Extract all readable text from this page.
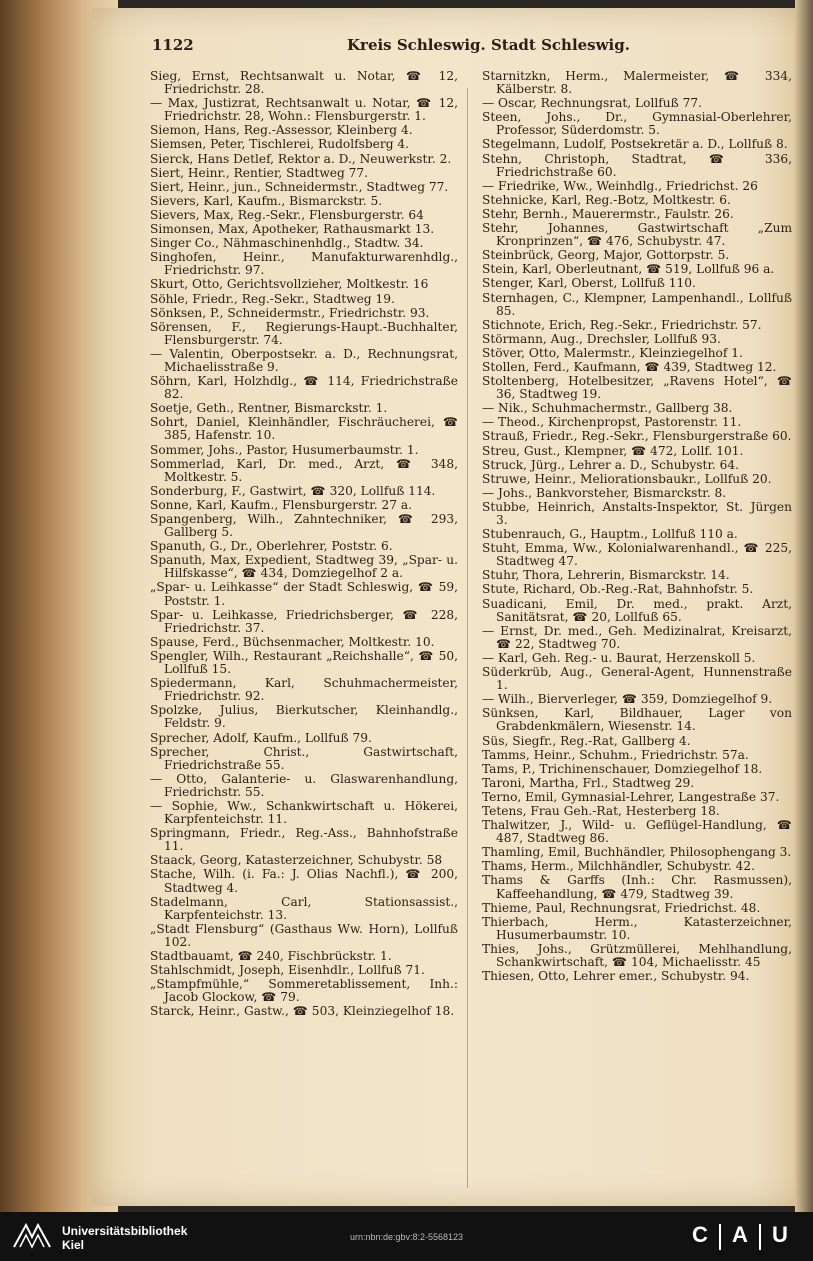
1122	Kreis Schleswig. Stadt Schleswig.
Sieg, Ernst, Rechtsanwalt u. Notar, ☎ 12, Friedrichstr. 28.
— Max, Justizrat, Rechtsanwalt u. Notar, ☎ 12, Friedrichstr. 28, Wohn.: Flensburgerstr. 1.
Siemon, Hans, Reg.-Assessor, Kleinberg 4.
Siemsen, Peter, Tischlerei, Rudolfsberg 4.
Sierck, Hans Detlef, Rektor a. D., Neuwerkstr. 2.
Siert, Heinr., Rentier, Stadtweg 77.
Siert, Heinr., jun., Schneidermstr., Stadtweg 77.
Sievers, Karl, Kaufm., Bismarckstr. 5.
Sievers, Max, Reg.-Sekr., Flensburgerstr. 64
Simonsen, Max, Apotheker, Rathausmarkt 13.
Singer Co., Nähmaschinenhdlg., Stadtw. 34.
Singhofen, Heinr., Manufakturwarenhdlg., Friedrichstr. 97.
Skurt, Otto, Gerichtsvollzieher, Moltkestr. 16
Söhle, Friedr., Reg.-Sekr., Stadtweg 19.
Sönksen, P., Schneidermstr., Friedrichstr. 93.
Sörensen, F., Regierungs-Haupt.-Buchhalter, Flensburgerstr. 74.
— Valentin, Oberpostsekr. a. D., Rechnungsrat, Michaelisstraße 9.
Söhrn, Karl, Holzhdlg., ☎ 114, Friedrichstraße 82.
Soetje, Geth., Rentner, Bismarckstr. 1.
Sohrt, Daniel, Kleinhändler, Fischräucherei, ☎ 385, Hafenstr. 10.
Sommer, Johs., Pastor, Husumerbaumstr. 1.
Sommerlad, Karl, Dr. med., Arzt, ☎ 348, Moltkestr. 5.
Sonderburg, F., Gastwirt, ☎ 320, Lollfuß 114.
Sonne, Karl, Kaufm., Flensburgerstr. 27 a.
Spangenberg, Wilh., Zahntechniker, ☎ 293, Gallberg 5.
Spanuth, G., Dr., Oberlehrer, Poststr. 6.
Spanuth, Max, Expedient, Stadtweg 39, „Spar- u. Hilfskasse“, ☎ 434, Domziegelhof 2 a.
„Spar- u. Leihkasse“ der Stadt Schleswig, ☎ 59, Poststr. 1.
Spar- u. Leihkasse, Friedrichsberger, ☎ 228, Friedrichstr. 37.
Spause, Ferd., Büchsenmacher, Moltkestr. 10.
Spengler, Wilh., Restaurant „Reichshalle“, ☎ 50, Lollfuß 15.
Spiedermann, Karl, Schuhmachermeister, Friedrichstr. 92.
Spolzke, Julius, Bierkutscher, Kleinhandlg., Feldstr. 9.
Sprecher, Adolf, Kaufm., Lollfuß 79.
Sprecher, Christ., Gastwirtschaft, Friedrichstraße 55.
— Otto, Galanterie- u. Glaswarenhandlung, Friedrichstr. 55.
— Sophie, Ww., Schankwirtschaft u. Hökerei, Karpfenteichstr. 11.
Springmann, Friedr., Reg.-Ass., Bahnhofstraße 11.
Staack, Georg, Katasterzeichner, Schubystr. 58
Stache, Wilh. (i. Fa.: J. Olias Nachfl.), ☎ 200, Stadtweg 4.
Stadelmann, Carl, Stationsassist., Karpfenteichstr. 13.
„Stadt Flensburg“ (Gasthaus Ww. Horn), Lollfuß 102.
Stadtbauamt, ☎ 240, Fischbrückstr. 1.
Stahlschmidt, Joseph, Eisenhdlr., Lollfuß 71.
„Stampfmühle,“ Sommeretablissement, Inh.: Jacob Glockow, ☎ 79.
Starck, Heinr., Gastw., ☎ 503, Kleinziegelhof 18.
Starnitzkn, Herm., Malermeister, ☎ 334, Kälberstr. 8.
— Oscar, Rechnungsrat, Lollfuß 77.
Steen, Johs., Dr., Gymnasial-Oberlehrer, Professor, Süderdomstr. 5.
Stegelmann, Ludolf, Postsekretär a. D., Lollfuß 8.
Stehn, Christoph, Stadtrat, ☎ 336, Friedrichstraße 60.
— Friedrike, Ww., Weinhdlg., Friedrichst. 26
Stehnicke, Karl, Reg.-Botz, Moltkestr. 6.
Stehr, Bernh., Mauerermstr., Faulstr. 26.
Stehr, Johannes, Gastwirtschaft „Zum Kronprinzen“, ☎ 476, Schubystr. 47.
Steinbrück, Georg, Major, Gottorpstr. 5.
Stein, Karl, Oberleutnant, ☎ 519, Lollfuß 96 a.
Stenger, Karl, Oberst, Lollfuß 110.
Sternhagen, C., Klempner, Lampenhandl., Lollfuß 85.
Stichnote, Erich, Reg.-Sekr., Friedrichstr. 57.
Störmann, Aug., Drechsler, Lollfuß 93.
Stöver, Otto, Malermstr., Kleinziegelhof 1.
Stollen, Ferd., Kaufmann, ☎ 439, Stadtweg 12.
Stoltenberg, Hotelbesitzer, „Ravens Hotel“, ☎ 36, Stadtweg 19.
— Nik., Schuhmachermstr., Gallberg 38.
— Theod., Kirchenpropst, Pastorenstr. 11.
Strauß, Friedr., Reg.-Sekr., Flensburgerstraße 60.
Streu, Gust., Klempner, ☎ 472, Lollf. 101.
Struck, Jürg., Lehrer a. D., Schubystr. 64.
Struwe, Heinr., Meliorationsbaukr., Lollfuß 20.
— Johs., Bankvorsteher, Bismarckstr. 8.
Stubbe, Heinrich, Anstalts-Inspektor, St. Jürgen 3.
Stubenrauch, G., Hauptm., Lollfuß 110 a.
Stuht, Emma, Ww., Kolonialwarenhandl., ☎ 225, Stadtweg 47.
Stuhr, Thora, Lehrerin, Bismarckstr. 14.
Stute, Richard, Ob.-Reg.-Rat, Bahnhofstr. 5.
Suadicani, Emil, Dr. med., prakt. Arzt, Sanitätsrat, ☎ 20, Lollfuß 65.
— Ernst, Dr. med., Geh. Medizinalrat, Kreisarzt, ☎ 22, Stadtweg 70.
— Karl, Geh. Reg.- u. Baurat, Herzenskoll 5.
Süderkrüb, Aug., General-Agent, Hunnenstraße 1.
— Wilh., Bierverleger, ☎ 359, Domziegelhof 9.
Sünksen, Karl, Bildhauer, Lager von Grabdenkmälern, Wiesenstr. 14.
Süs, Siegfr., Reg.-Rat, Gallberg 4.
Tamms, Heinr., Schuhm., Friedrichstr. 57a.
Tams, P., Trichinenschauer, Domziegelhof 18.
Taroni, Martha, Frl., Stadtweg 29.
Terno, Emil, Gymnasial-Lehrer, Langestraße 37.
Tetens, Frau Geh.-Rat, Hesterberg 18.
Thalwitzer, J., Wild- u. Geflügel-Handlung, ☎ 487, Stadtweg 86.
Thamling, Emil, Buchhändler, Philosophengang 3.
Thams, Herm., Milchhändler, Schubystr. 42.
Thams & Garffs (Inh.: Chr. Rasmussen), Kaffeehandlung, ☎ 479, Stadtweg 39.
Thieme, Paul, Rechnungsrat, Friedrichst. 48.
Thierbach, Herm., Katasterzeichner, Husumerbaumstr. 10.
Thies, Johs., Grützmüllerei, Mehlhandlung, Schankwirtschaft, ☎ 104, Michaelisstr. 45
Thiesen, Otto, Lehrer emer., Schubystr. 94.
Universitätsbibliothek
Kiel
urn:nbn:de:gbv:8:2-5568123	C	A	U
